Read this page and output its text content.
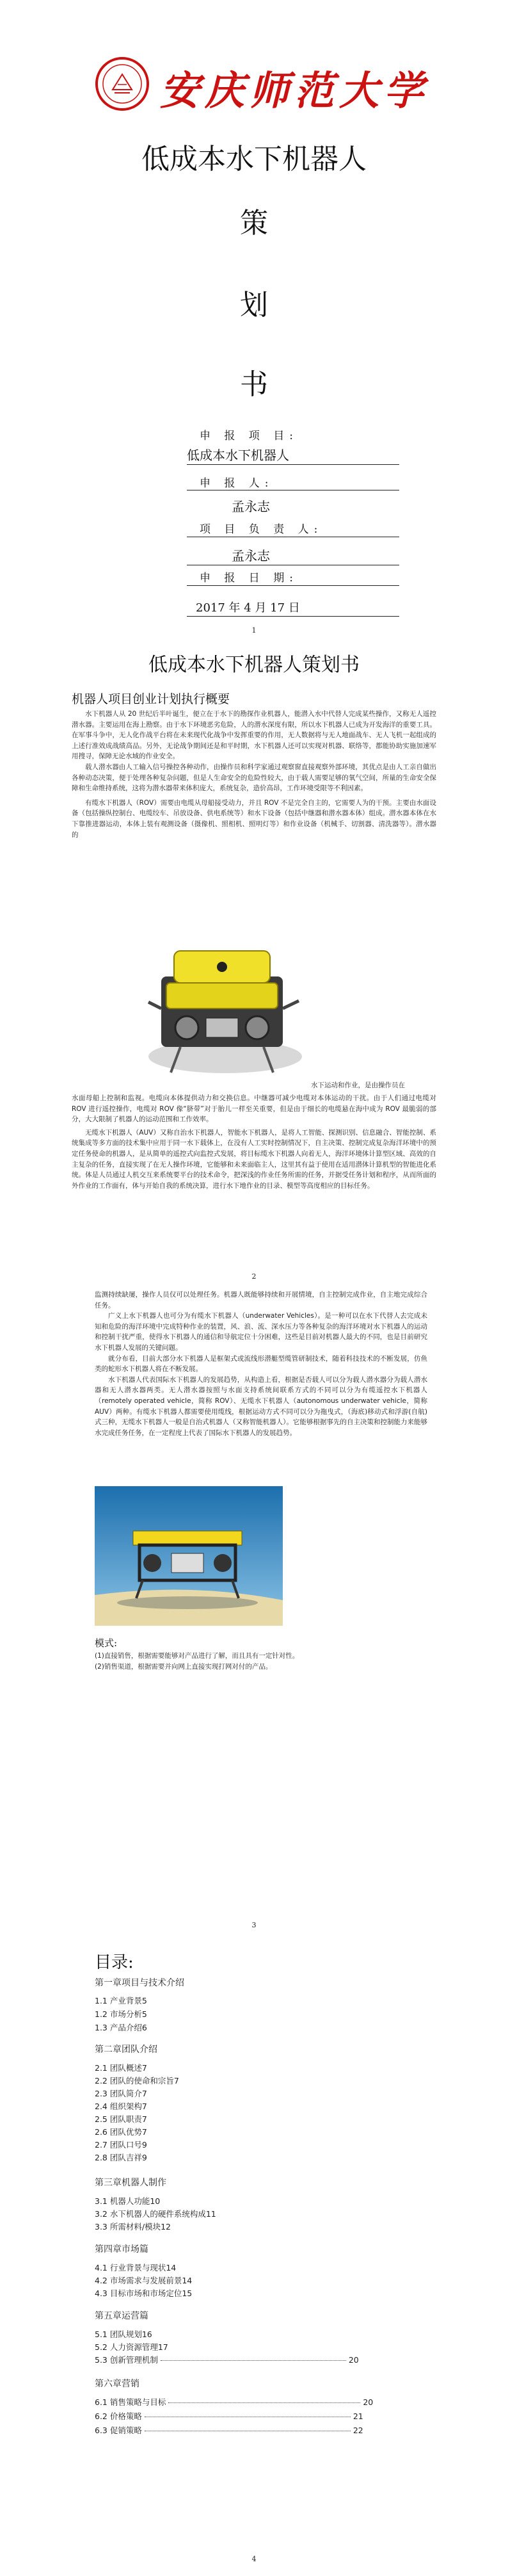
安庆师范大学
低成本水下机器人
策
划
书
申 报 项 目:
低成本水下机器人
申 报 人:
孟永志
项 目 负 责 人:
孟永志
申 报 日 期:
2017 年 4 月 17 日
1
低成本水下机器人策划书
机器人项目创业计划执行概要

水下机器人从 20 世纪后半叶诞生，便立在于水下的勘探作业机器人，能潜入水中代替人完成某些操作，又称无人遥控潜水器。主要运用在海上勘察。由于水下环境恶劣危险，人的潜水深度有限，所以水下机器人已成为开发海洋的重要工具。在军事斗争中，无人化作战平台将在未来现代化战争中发挥重要的作用，无人数据将与无人地面战车、无人飞机一起组成的上述行准效成战绩高品。另外，无论战争期间还是和平时期，水下机器人还可以实现对机器、联络等，都能协助实施加速军用搜寻，保障无论水域的作业安全。

载人潜水器由人工输入信号操控各种动作，由操作员和科学家通过观察窗直接观察外部环境，其优点是由人工亲自做出各种动态决策，便于处理各种复杂问题，但是人生命安全的危险性较大，由于载人需要足够的氧气空间，所量的生命安全保障和生命维持系统，这将为潜水器带来体积庞大，系统复杂，造价高昂，工作环境受限等不利因素。

有缆水下机器人（ROV）需要由电缆从母船接受动力，并且 ROV 不是完全自主的，它需要人为的干预。主要由水面设备（包括操纵控制台、电缆绞车、吊放设备、供电系统等）和水下设备（包括中继器和潜水器本体）组成。潜水器本体在水下靠推进器运动，本体上装有观测设备（摄像机、照相机、照明灯等）和作业设备（机械手、切割器、清洗器等）。潜水器的

水下运动和作业，是由操作员在

水面母船上控制和监视。电缆向本体提供动力和交换信息。中继器可减少电缆对本体运动的干扰。由于人们通过电缆对 ROV 进行遥控操作，电缆对 ROV 像“脐带”对于胎儿一样至关重要，但是由于细长的电缆悬在海中成为 ROV 最脆弱的部分，大大限制了机器人的运动范围和工作效率。

无缆水下机器人（AUV）又称自治水下机器人，智能水下机器人，是将人工智能、探测识别、信息融合、智能控制、系统集成等多方面的技术集中应用于同一水下载体上，在没有人工实时控制情况下，自主决策、控制完成复杂海洋环境中的预定任务使命的机器人，是从简单的遥控式向监控式发展，将目标缆水下机器人向着无人，海洋环境体计算型区域、高效的自主复杂的任务，直接实现了在无人操作环境，它能够和未来面临主人，这里其有益于使用在适用潜体计算机型的智能进化系统。体是人员通过人机交互来系统要平台的技术命令，把深浅的作业任务所需的任务，并据受任务计划和程序，从而所面的外作业的工作面有，体与开始自我的系统决算，进行水下地作业的目录、模型等高度相应的目标任务。

2

监测持续缺屡，操作人员仅可以处理任务。机器人既能够持续和开展情境，自主控制完成作业，自主地完成综合任务。

广义上水下机器人也可分为有缆水下机器人（underwater Vehicles）。是一种可以在水下代替人去完成未知和危险的海洋环境中完成特种作业的装置，风、浪、流、深水压力等各种复杂的海洋环境对水下机器人的运动和控制干扰严重，使得水下机器人的通信和导航定位十分困难，这些是目前对机器人最大的不同，也是目前研究水下机器人发展的关键问题。

就分布看，目前大部分水下机器人是框架式或流线形潜艇型缆管研制技术，随着科技技术的不断发展，仿鱼类的蛇形水下机器人将在不断发展。

水下机器人代表国际水下机器人的发展趋势，从构造上看，根据是否载人可以分为载人潜水器分为载人潜水器和无人潜水器两类。无人潜水器按照与水面支持系统间联系方式的不同可以分为有缆遥控水下机器人（remotely operated vehicle，简称 ROV）、无缆水下机器人（autonomous underwater vehicle，简称 AUV）两种。有缆水下机器人都需要使用缆线，根据运动方式不同可以分为拖曳式，（海底)移动式和浮游(自航)式三种，无缆水下机器人一般是自治式机器人（又称智能机器人）。它能够根据事先的自主决策和控制能力来能够水完成任务任务，在一定程度上代表了国际水下机器人的发展趋势。

模式:
(1)直接销售，根据需要能够对产品进行了解，而且具有一定针对性。
(2)销售渠道，根据需要并向网上直接实现打网对付的产品。
3
目录:
第一章项目与技术介绍
1.1 产业背景5
1.2 市场分析5
1.3 产品介绍6
第二章团队介绍
2.1 团队概述7
2.2 团队的使命和宗旨7
2.3 团队简介7
2.4 组织架构7
2.5 团队职责7
2.6 团队优势7
2.7 团队口号9
2.8 团队吉祥9
第三章机器人制作
3.1 机器人功能10
3.2 水下机器人的硬件系统构成11
3.3 所需材料/模块12
第四章市场篇
4.1 行业背景与现状14
4.2 市场需求与发展前景14
4.3 目标市场和市场定位15
第五章运营篇
5.1 团队规划16
5.2 人力资源管理17
5.3 创新管理机制	20
第六章营销
6.1 销售策略与目标	20
6.2 价格策略	21
6.3 促销策略	22
4
